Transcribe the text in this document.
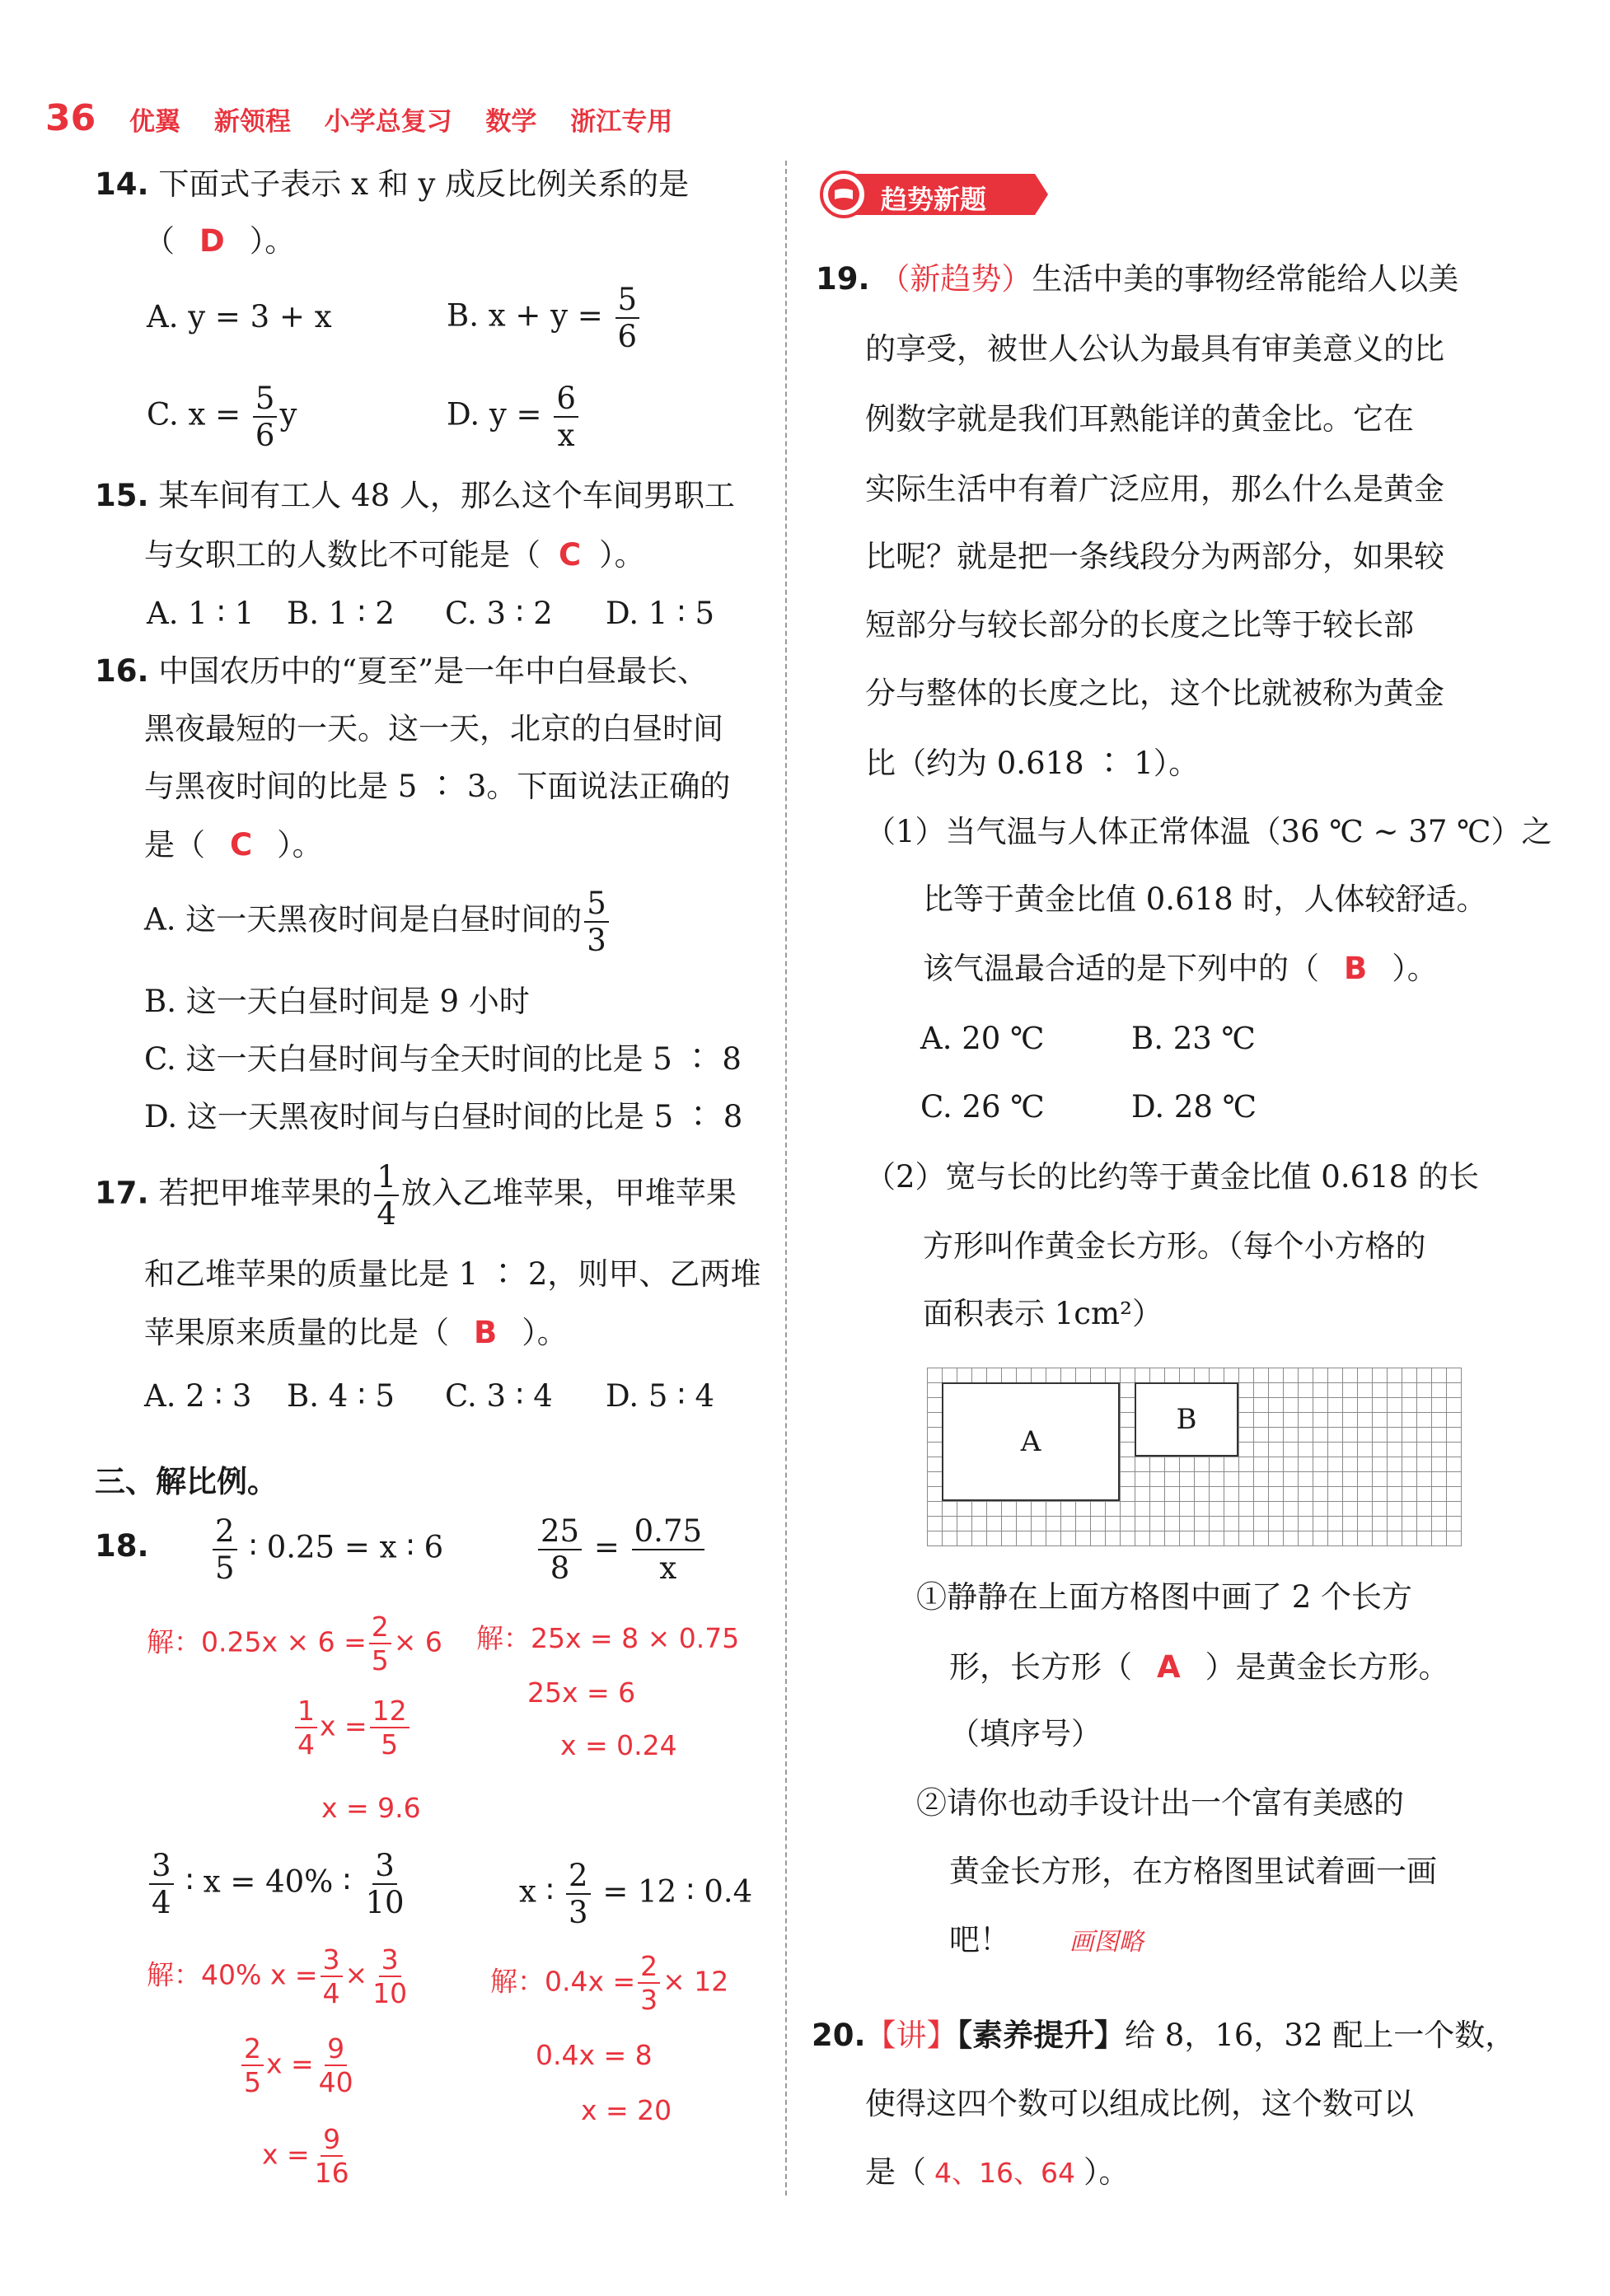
36 优翼 新领程 小学总复习 数学 浙江专用
14. 下面式子表示 x 和 y 成反比例关系的是
（ D ）。
A. y = 3 + x	B. $x + y = \frac{5}{6}$
C. $x = \frac{5}{6}$ y	D. $y = \frac{6}{x}$
15. 某车间有工人 48 人，那么这个车间男职工
与女职工的人数比不可能是（ C ）。
A. 1 ∶ 1 B. 1 ∶ 2 C. 3 ∶ 2 D. 1 ∶ 5
16. 中国农历中的“夏至”是一年中白昼最长、
黑夜最短的一天。这一天，北京的白昼时间
与黑夜时间的比是 5 ∶ 3。下面说法正确的
是（ C ）。
A. 这一天黑夜时间是白昼时间的 $\frac{5}{3}$
B. 这一天白昼时间是 9 小时
C. 这一天白昼时间与全天时间的比是 5 ∶ 8
D. 这一天黑夜时间与白昼时间的比是 5 ∶ 8
17. 若把甲堆苹果的 $\frac{1}{4}$ 放入乙堆苹果，甲堆苹果
和乙堆苹果的质量比是 1 ∶ 2，则甲、乙两堆
苹果原来质量的比是（ B ）。
A. 2 ∶ 3 B. 4 ∶ 5 C. 3 ∶ 4 D. 5 ∶ 4
三、解比例。
18. $\frac{2}{5}$ ∶ 0.25 = x ∶ 6	$\frac{25}{8} = \frac{0.75}{x}$
解：$0.25x \times 6 = \frac{2}{5} \times 6$
$\frac{1}{4}$ $x = \frac{12}{5}$
x = 9.6
解：25x = 8 × 0.75
25x = 6
x = 0.24
$\frac{3}{4}$ ∶ x = 40% ∶ $\frac{3}{10}$	x ∶ $\frac{2}{3} = 12$ ∶ 0.4
解：40% $x = \frac{3}{4} \times \frac{3}{10}$
$\frac{2}{5}$ $x = \frac{9}{40}$
$x = \frac{9}{16}$
解：$0.4x = \frac{2}{3} \times 12$
0.4x = 8
x = 20
趋势新题
19. （新趋势）生活中美的事物经常能给人以美
的享受，被世人公认为最具有审美意义的比
例数字就是我们耳熟能详的黄金比。它在
实际生活中有着广泛应用，那么什么是黄金
比呢？就是把一条线段分为两部分，如果较
短部分与较长部分的长度之比等于较长部
分与整体的长度之比，这个比就被称为黄金
比（约为 0.618 ∶ 1）。
（1）当气温与人体正常体温（36 ℃ ~ 37 ℃）之
比等于黄金比值 0.618 时，人体较舒适。
该气温最合适的是下列中的（ B ）。
A. 20 ℃	B. 23 ℃
C. 26 ℃	D. 28 ℃
（2）宽与长的比约等于黄金比值 0.618 的长
方形叫作黄金长方形。（每个小方格的
面积表示 1cm²）
A
B
①静静在上面方格图中画了 2 个长方
形，长方形（ A ）是黄金长方形。
（填序号）
②请你也动手设计出一个富有美感的
黄金长方形，在方格图里试着画一画
吧！ 画图略
20.【讲】【素养提升】给 8，16，32 配上一个数，
使得这四个数可以组成比例，这个数可以
是（ 4、16、64 ）。
